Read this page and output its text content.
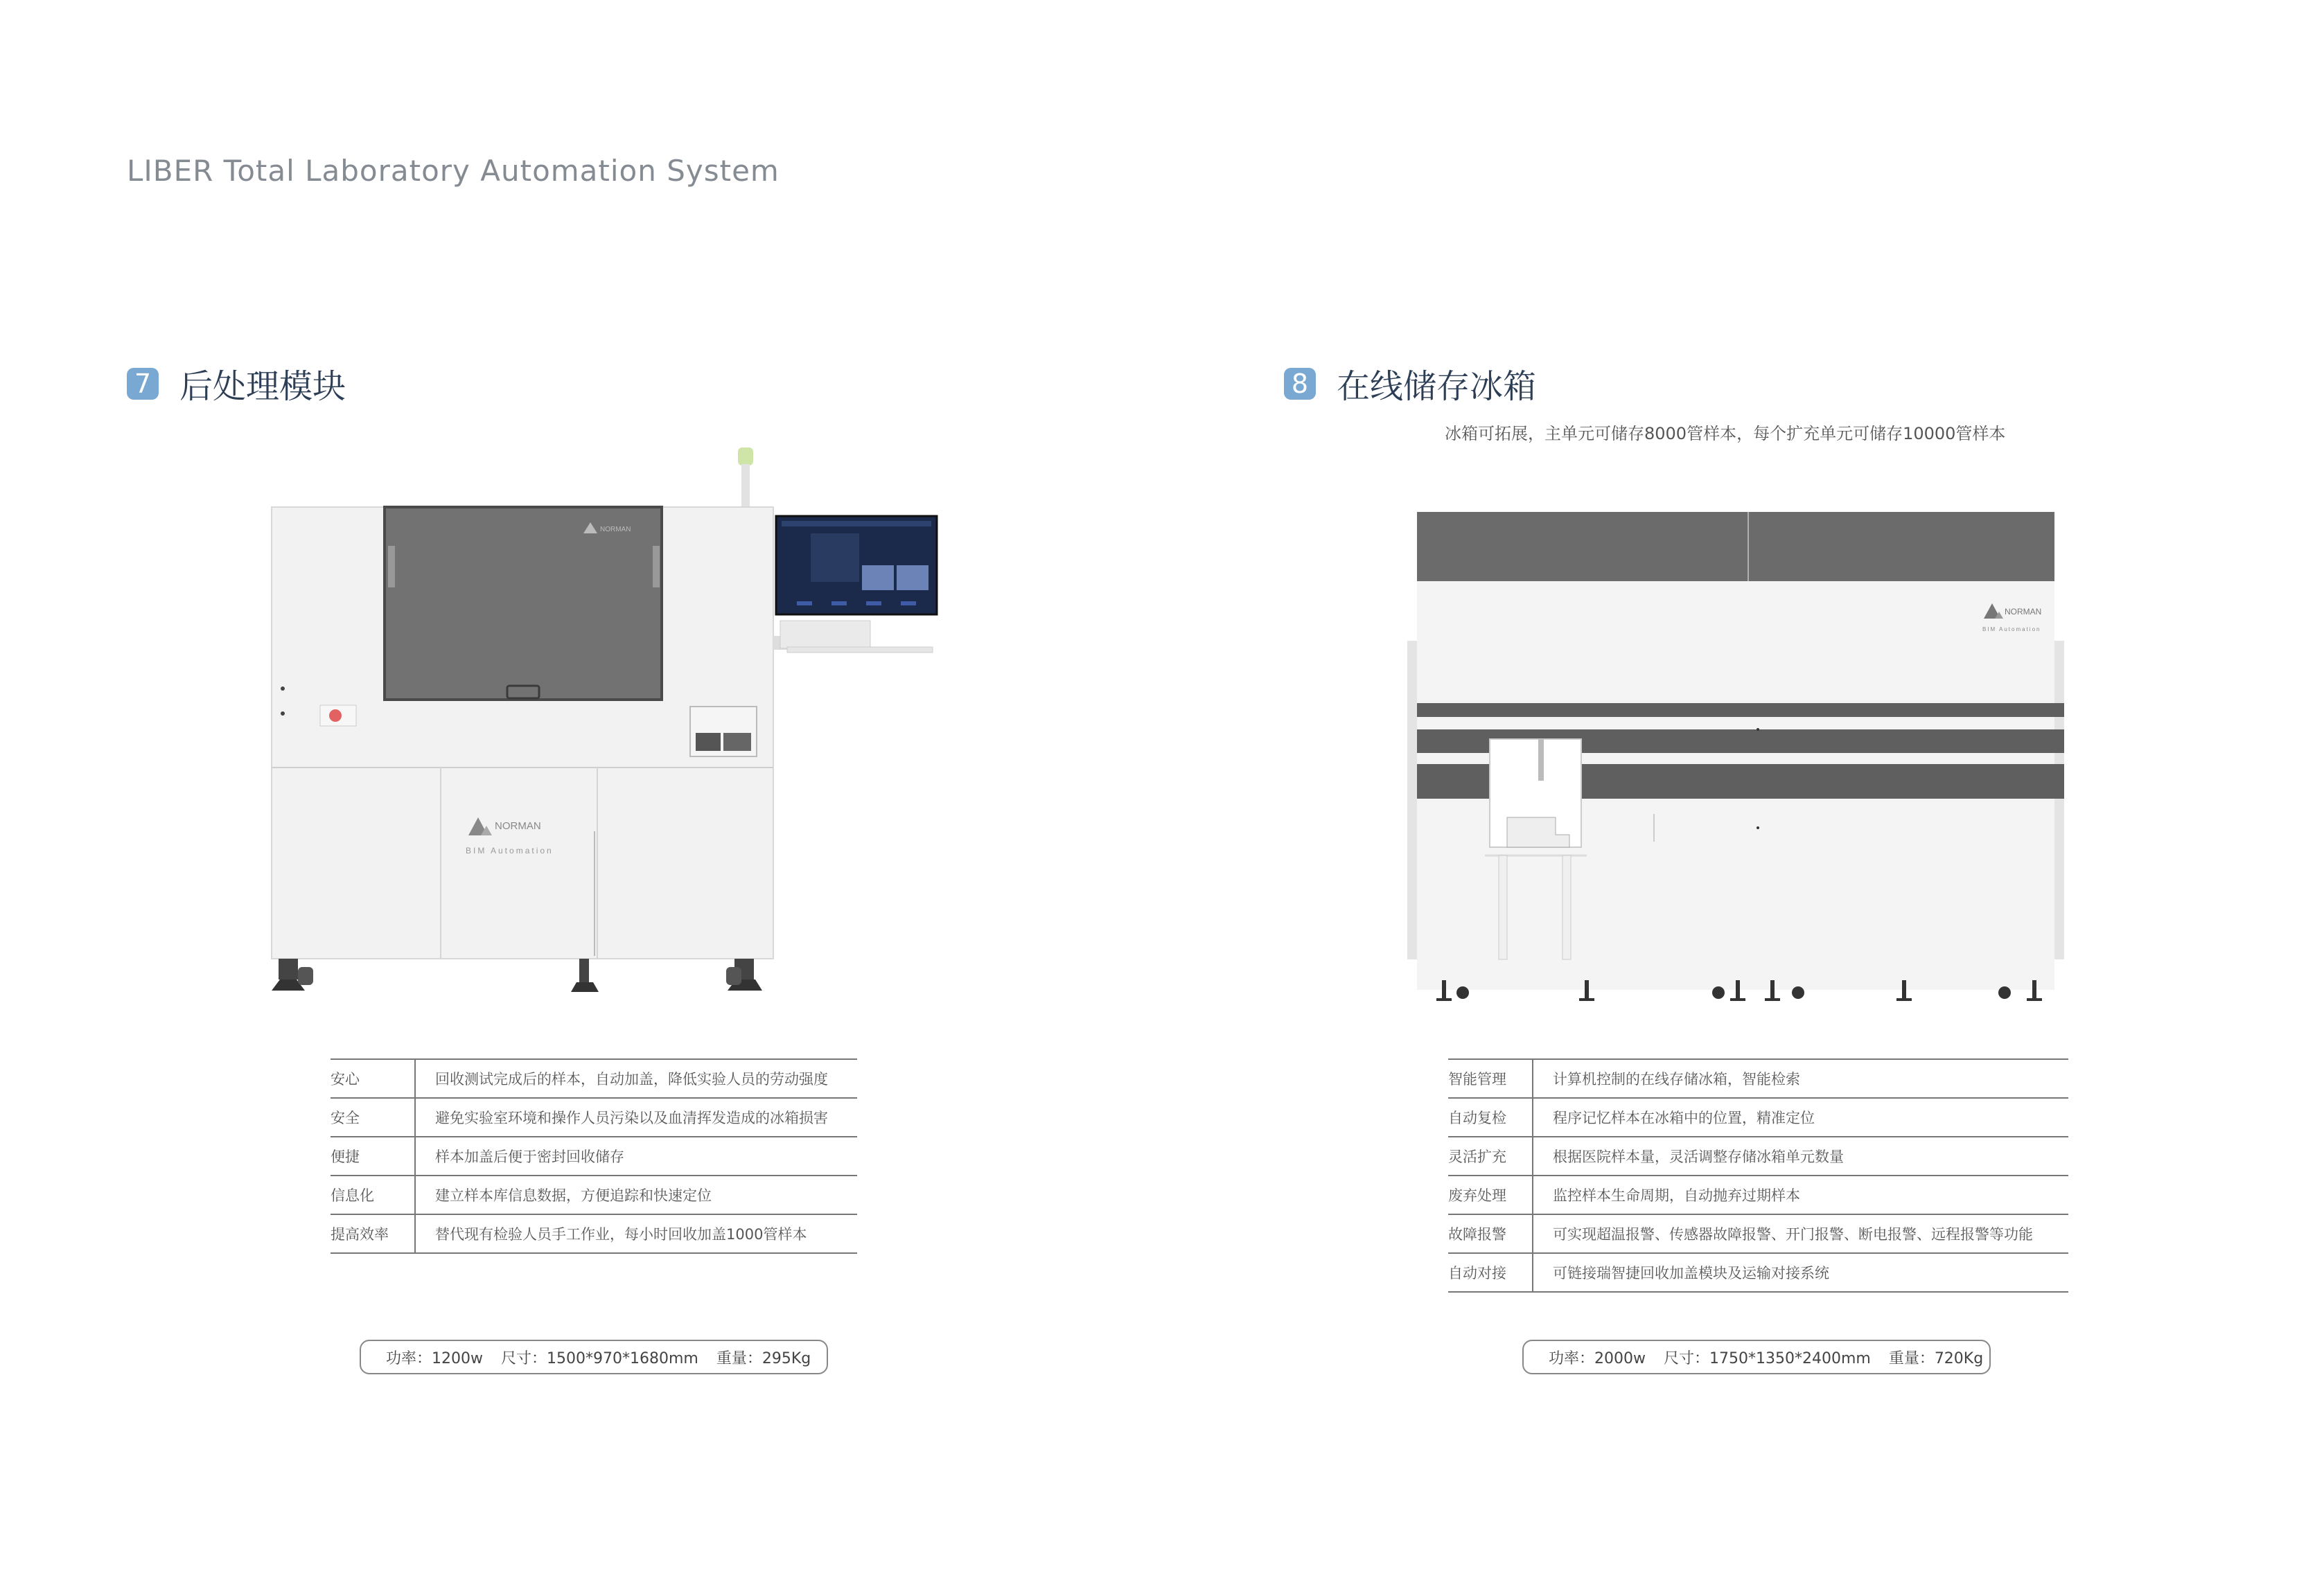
LIBER Total Laboratory Automation System
7 后处理模块
NORMAN
NORMAN
BIM Automation
安心	回收测试完成后的样本，自动加盖，降低实验人员的劳动强度
安全	避免实验室环境和操作人员污染以及血清挥发造成的冰箱损害
便捷	样本加盖后便于密封回收储存
信息化	建立样本库信息数据，方便追踪和快速定位
提高效率	替代现有检验人员手工作业，每小时回收加盖1000管样本
功率：1200w 尺寸：1500*970*1680mm 重量：295Kg
8 在线储存冰箱
冰箱可拓展，主单元可储存8000管样本，每个扩充单元可储存10000管样本
NORMAN
BIM Automation
智能管理	计算机控制的在线存储冰箱，智能检索
自动复检	程序记忆样本在冰箱中的位置，精准定位
灵活扩充	根据医院样本量，灵活调整存储冰箱单元数量
废弃处理	监控样本生命周期，自动抛弃过期样本
故障报警	可实现超温报警、传感器故障报警、开门报警、断电报警、远程报警等功能
自动对接	可链接瑞智捷回收加盖模块及运输对接系统
功率：2000w 尺寸：1750*1350*2400mm 重量：720Kg
